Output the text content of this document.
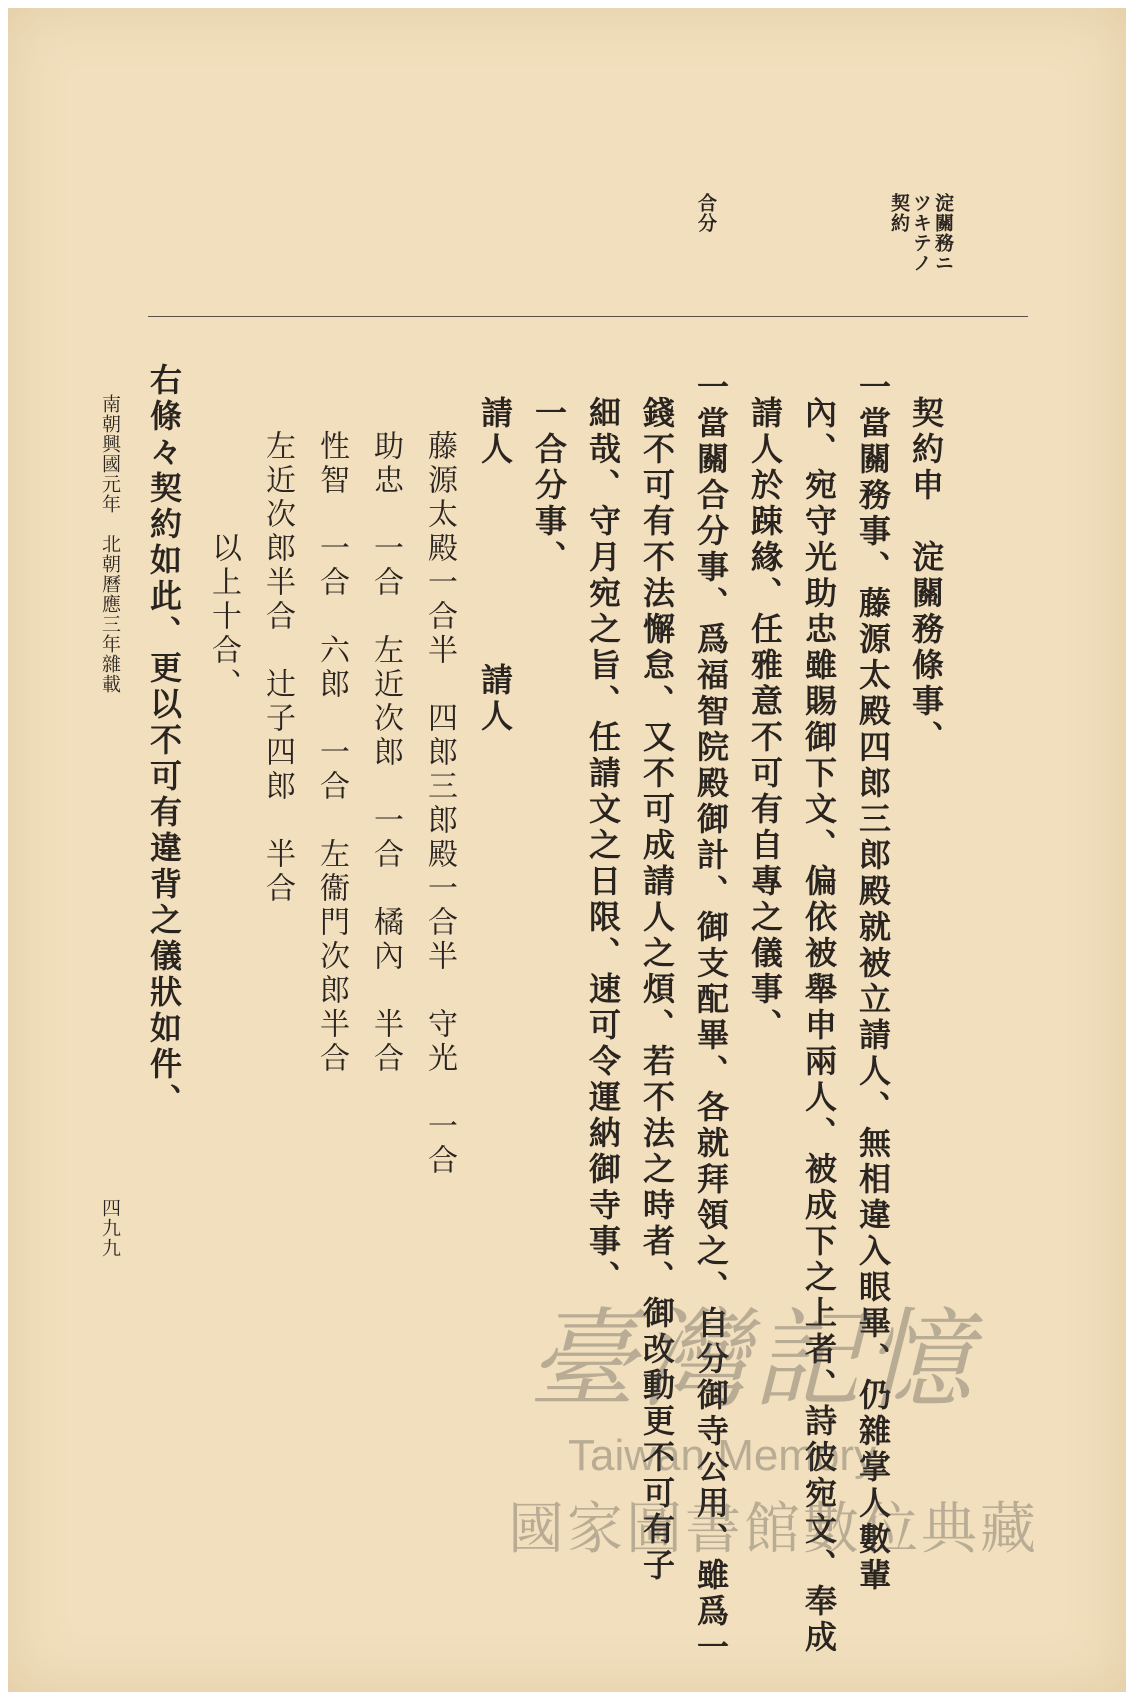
淀關務ニ
ツキテノ
契約
合分
契約申　淀關務條事、
一當關務事、藤源太殿四郎三郎殿就被立請人、無相違入眼畢、仍雜掌人數輩
內、宛守光助忠雖賜御下文、偏依被舉申兩人、被成下之上者、詩彼宛文、奉成
請人於踈緣、任雅意不可有自專之儀事、
一當關合分事、爲福智院殿御計、御支配畢、各就拜領之、自分御寺公用、雖爲一
錢不可有不法懈怠、又不可成請人之煩、若不法之時者、御改動更不可有子
細哉、守月宛之旨、任請文之日限、速可令運納御寺事、
一合分事、
請人
請人
藤源太殿一合半　四郎三郎殿一合半　守光　一合
助忠　一合　左近次郎　一合　橘內　半合
性智　一合　六郎　一合　左衞門次郎半合
左近次郎半合　辻子四郎　半合
以上十合、
右條々契約如此、更以不可有違背之儀狀如件、
南朝興國元年　北朝曆應三年雜載
四九九
臺灣記憶
Taiwan Memory
國家圖書館數位典藏
